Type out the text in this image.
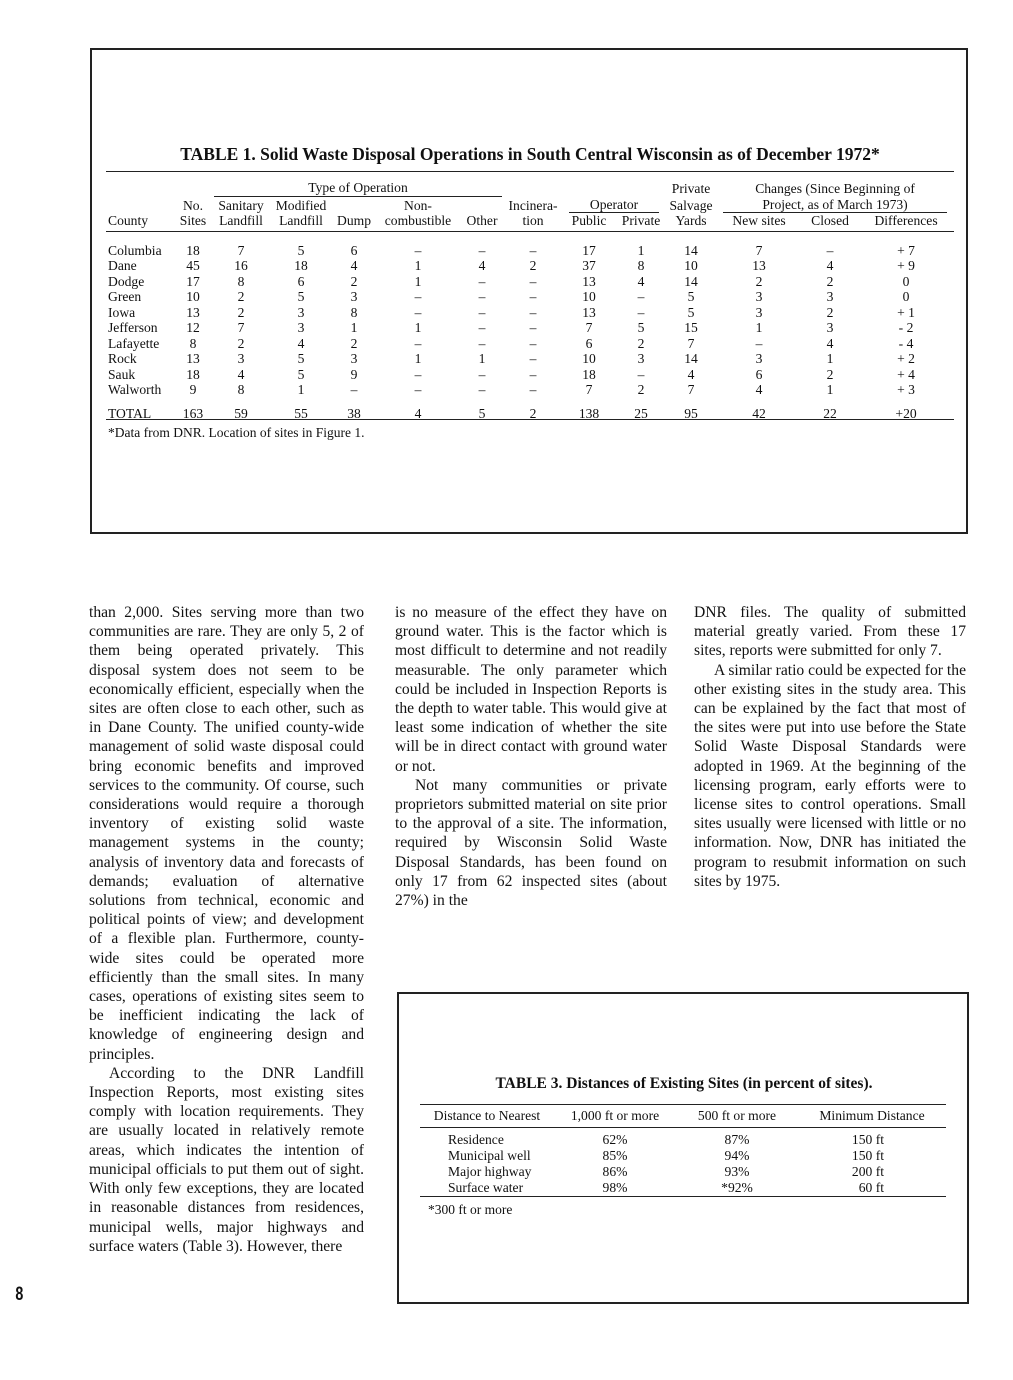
TABLE 1. Solid Waste Disposal Operations in South Central Wisconsin as of December 1972*
		Type of Operation								Private	Changes (Since Beginning of		
	No.	Sanitary	Modified		Non-		Incinera-	Operator		Salvage	Project, as of March 1973)		
County	Sites	Landfill	Landfill	Dump	combustible	Other	tion	Public	Private	Yards	New sites	Closed	Differences
Columbia	18	7	5	6	–	–	–	17	1	14	7	–	+ 7
Dane	45	16	18	4	1	4	2	37	8	10	13	4	+ 9
Dodge	17	8	6	2	1	–	–	13	4	14	2	2	0
Green	10	2	5	3	–	–	–	10	–	5	3	3	0
Iowa	13	2	3	8	–	–	–	13	–	5	3	2	+ 1
Jefferson	12	7	3	1	1	–	–	7	5	15	1	3	- 2
Lafayette	8	2	4	2	–	–	–	6	2	7	–	4	- 4
Rock	13	3	5	3	1	1	–	10	3	14	3	1	+ 2
Sauk	18	4	5	9	–	–	–	18	–	4	6	2	+ 4
Walworth	9	8	1	–	–	–	–	7	2	7	4	1	+ 3
TOTAL	163	59	55	38	4	5	2	138	25	95	42	22	+20
*Data from DNR. Location of sites in Figure 1.

than 2,000. Sites serving more than two communities are rare. They are only 5, 2 of them being operated privately. This disposal system does not seem to be economically efficient, especially when the sites are often close to each other, such as in Dane County. The unified county-wide management of solid waste disposal could bring economic benefits and improved services to the community. Of course, such considerations would require a thorough inventory of existing solid waste management systems in the county; analysis of inventory data and forecasts of demands; evaluation of alternative solutions from technical, economic and political points of view; and development of a flexible plan. Furthermore, county-wide sites could be operated more efficiently than the small sites. In many cases, operations of existing sites seem to be inefficient indicating the lack of knowledge of engineering design and principles.

According to the DNR Landfill Inspection Reports, most existing sites comply with location requirements. They are usually located in relatively remote areas, which indicates the intention of municipal officials to put them out of sight. With only few exceptions, they are located in reasonable distances from residences, municipal wells, major highways and surface waters (Table 3). However, there

is no measure of the effect they have on ground water. This is the factor which is most difficult to determine and not readily measurable. The only parameter which could be included in Inspection Reports is the depth to water table. This would give at least some indication of whether the site will be in direct contact with ground water or not.

Not many communities or private proprietors submitted material on site prior to the approval of a site. The information, required by Wisconsin Solid Waste Disposal Standards, has been found on only 17 from 62 inspected sites (about 27%) in the

DNR files. The quality of submitted material greatly varied. From these 17 sites, reports were submitted for only 7.

A similar ratio could be expected for the other existing sites in the study area. This can be explained by the fact that most of the sites were put into use before the State Solid Waste Disposal Standards were adopted in 1969. At the beginning of the licensing program, early efforts were to license sites to control operations. Small sites usually were licensed with little or no information. Now, DNR has initiated the program to resubmit information on such sites by 1975.

TABLE 3. Distances of Existing Sites (in percent of sites).
Distance to Nearest	1,000 ft or more	500 ft or more	Minimum Distance
Residence	62%	87%	150 ft
Municipal well	85%	94%	150 ft
Major highway	86%	93%	200 ft
Surface water	98%	*92%	60 ft
*300 ft or more
8
